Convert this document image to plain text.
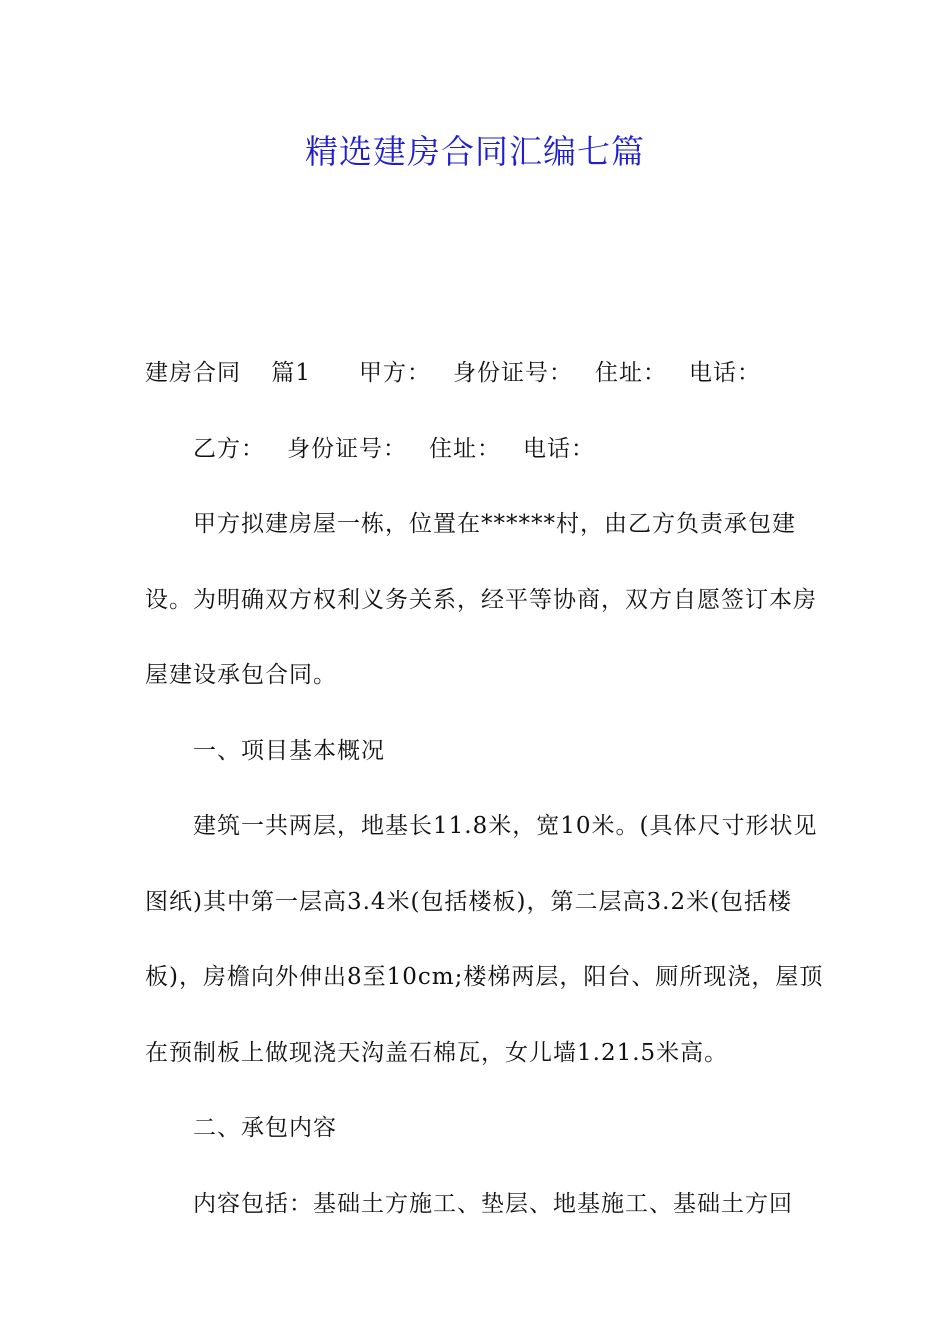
精选建房合同汇编七篇

建房合同 篇1 甲方： 身份证号： 住址： 电话：

乙方： 身份证号： 住址： 电话：

甲方拟建房屋一栋，位置在******村，由乙方负责承包建设。为明确双方权利义务关系，经平等协商，双方自愿签订本房屋建设承包合同。

一、项目基本概况

建筑一共两层，地基长11.8米，宽10米。(具体尺寸形状见图纸)其中第一层高3.4米(包括楼板)，第二层高3.2米(包括楼板)，房檐向外伸出8至10cm;楼梯两层，阳台、厕所现浇，屋顶在预制板上做现浇天沟盖石棉瓦，女儿墙1.21.5米高。

二、承包内容

内容包括：基础土方施工、垫层、地基施工、基础土方回
